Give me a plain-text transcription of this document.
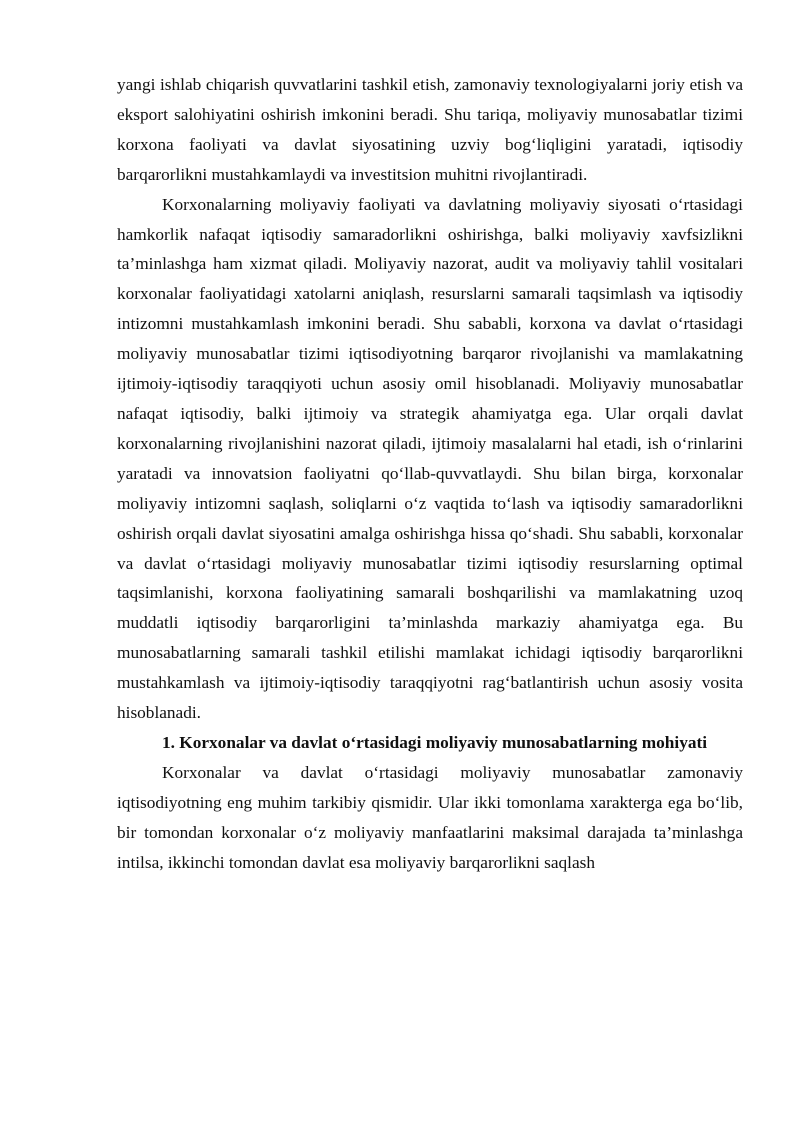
yangi ishlab chiqarish quvvatlarini tashkil etish, zamonaviy texnologiyalarni joriy etish va eksport salohiyatini oshirish imkonini beradi. Shu tariqa, moliyaviy munosabatlar tizimi korxona faoliyati va davlat siyosatining uzviy bog‘liqligini yaratadi, iqtisodiy barqarorlikni mustahkamlaydi va investitsion muhitni rivojlantiradi.

Korxonalarning moliyaviy faoliyati va davlatning moliyaviy siyosati o‘rtasidagi hamkorlik nafaqat iqtisodiy samaradorlikni oshirishga, balki moliyaviy xavfsizlikni ta’minlashga ham xizmat qiladi. Moliyaviy nazorat, audit va moliyaviy tahlil vositalari korxonalar faoliyatidagi xatolarni aniqlash, resurslarni samarali taqsimlash va iqtisodiy intizomni mustahkamlash imkonini beradi. Shu sababli, korxona va davlat o‘rtasidagi moliyaviy munosabatlar tizimi iqtisodiyotning barqaror rivojlanishi va mamlakatning ijtimoiy-iqtisodiy taraqqiyoti uchun asosiy omil hisoblanadi. Moliyaviy munosabatlar nafaqat iqtisodiy, balki ijtimoiy va strategik ahamiyatga ega. Ular orqali davlat korxonalarning rivojlanishini nazorat qiladi, ijtimoiy masalalarni hal etadi, ish o‘rinlarini yaratadi va innovatsion faoliyatni qo‘llab-quvvatlaydi. Shu bilan birga, korxonalar moliyaviy intizomni saqlash, soliqlarni o‘z vaqtida to‘lash va iqtisodiy samaradorlikni oshirish orqali davlat siyosatini amalga oshirishga hissa qo‘shadi. Shu sababli, korxonalar va davlat o‘rtasidagi moliyaviy munosabatlar tizimi iqtisodiy resurslarning optimal taqsimlanishi, korxona faoliyatining samarali boshqarilishi va mamlakatning uzoq muddatli iqtisodiy barqarorligini ta’minlashda markaziy ahamiyatga ega. Bu munosabatlarning samarali tashkil etilishi mamlakat ichidagi iqtisodiy barqarorlikni mustahkamlash va ijtimoiy-iqtisodiy taraqqiyotni rag‘batlantirish uchun asosiy vosita hisoblanadi.

1. Korxonalar va davlat o‘rtasidagi moliyaviy munosabatlarning mohiyati

Korxonalar va davlat o‘rtasidagi moliyaviy munosabatlar zamonaviy iqtisodiyotning eng muhim tarkibiy qismidir. Ular ikki tomonlama xarakterga ega bo‘lib, bir tomondan korxonalar o‘z moliyaviy manfaatlarini maksimal darajada ta’minlashga intilsa, ikkinchi tomondan davlat esa moliyaviy barqarorlikni saqlash
